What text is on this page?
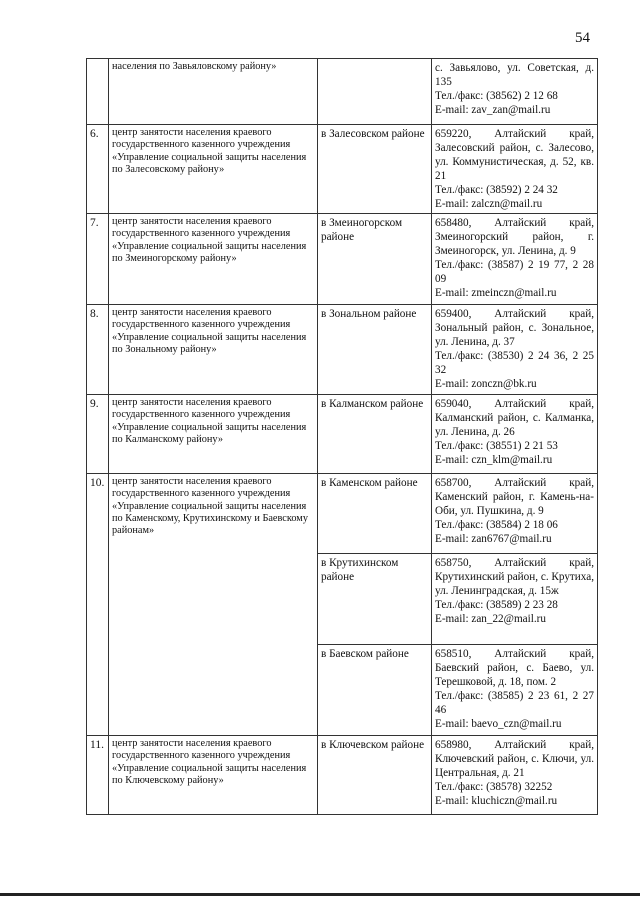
54
	населения по Завьяловскому району»		с. Завьялово, ул. Советская, д. 135
Тел./факс: (38562) 2 12 68
E-mail: zav_zan@mail.ru

6.	центр занятости населения краевого государственного казенного учреждения «Управление социальной защиты населения по Залесовскому району»	в Залесовском районе	659220, Алтайский край, Залесовский район, с. Залесово, ул. Коммунистическая, д. 52, кв. 21
Тел./факс: (38592) 2 24 32
E-mail: zalczn@mail.ru

7.	центр занятости населения краевого государственного казенного учреждения «Управление социальной защиты населения по Змеиногорскому району»	в Змеиногорском районе	658480, Алтайский край, Змеиногорский район, г. Змеиногорск, ул. Ленина, д. 9
Тел./факс: (38587) 2 19 77, 2 28 09
E-mail: zmeinczn@mail.ru

8.	центр занятости населения краевого государственного казенного учреждения «Управление социальной защиты населения по Зональному району»	в Зональном районе	659400, Алтайский край, Зональный район, с. Зональное, ул. Ленина, д. 37
Тел./факс: (38530) 2 24 36, 2 25 32
E-mail: zonczn@bk.ru

9.	центр занятости населения краевого государственного казенного учреждения «Управление социальной защиты населения по Калманскому району»	в Калманском районе	659040, Алтайский край, Калманский район, с. Калманка, ул. Ленина, д. 26
Тел./факс: (38551) 2 21 53
E-mail: czn_klm@mail.ru

10.	центр занятости населения краевого государственного казенного учреждения «Управление социальной защиты населения по Каменскому, Крутихинскому и Баевскому районам»	в Каменском районе	658700, Алтайский край, Каменский район, г. Камень-на-Оби, ул. Пушкина, д. 9
Тел./факс: (38584) 2 18 06
E-mail: zan6767@mail.ru

		в Крутихинском районе	658750, Алтайский край, Крутихинский район, с. Крутиха, ул. Ленинградская, д. 15ж
Тел./факс: (38589) 2 23 28
E-mail: zan_22@mail.ru

		в Баевском районе	658510, Алтайский край, Баевский район, с. Баево, ул. Терешковой, д. 18, пом. 2
Тел./факс: (38585) 2 23 61, 2 27 46
E-mail: baevo_czn@mail.ru

11.	центр занятости населения краевого государственного казенного учреждения «Управление социальной защиты населения по Ключевскому району»	в Ключевском районе	658980, Алтайский край, Ключевский район, с. Ключи, ул. Центральная, д. 21
Тел./факс: (38578) 32252
E-mail: kluchiczn@mail.ru
